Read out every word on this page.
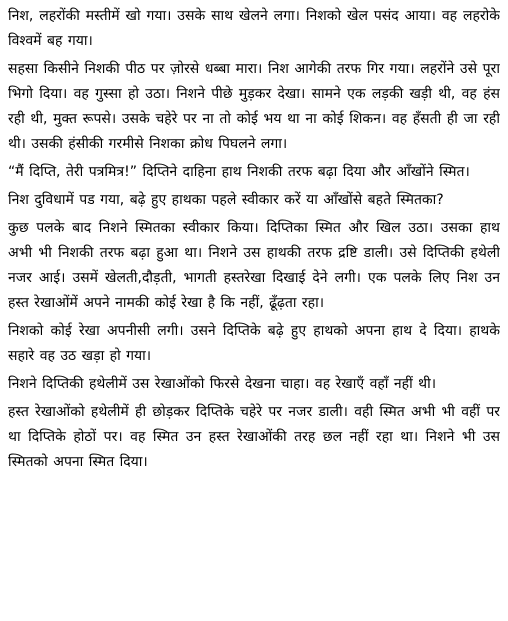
निश, लहरोंकी मस्तीमें खो गया। उसके साथ खेलने लगा। निशको खेल पसंद आया। वह लहरोके विश्वमें बह गया।

सहसा किसीने निशकी पीठ पर ज़ोरसे धब्बा मारा। निश आगेकी तरफ गिर गया। लहरोंने उसे पूरा भिगो दिया। वह गुस्सा हो उठा। निशने पीछे मुड़कर देखा। सामने एक लड़की खड़ी थी, वह हंस रही थी, मुक्त रूपसे। उसके चहेरे पर ना तो कोई भय था ना कोई शिकन। वह हँसती ही जा रही थी। उसकी हंसीकी गरमीसे निशका क्रोध पिघलने लगा।

“मैं दिप्ति, तेरी पत्रमित्र!” दिप्तिने दाहिना हाथ निशकी तरफ बढ़ा दिया और आँखोंने स्मित।

निश दुविधामें पड गया, बढ़े हुए हाथका पहले स्वीकार करें या आँखोंसे बहते स्मितका?

कुछ पलके बाद निशने स्मितका स्वीकार किया। दिप्तिका स्मित और खिल उठा। उसका हाथ अभी भी निशकी तरफ बढ़ा हुआ था। निशने उस हाथकी तरफ द्रष्टि डाली। उसे दिप्तिकी हथेली नजर आई। उसमें खेलती,दौड़ती, भागती हस्तरेखा दिखाई देने लगी। एक पलके लिए निश उन हस्त रेखाओंमें अपने नामकी कोई रेखा है कि नहीं, ढूँढ़ता रहा।

निशको कोई रेखा अपनीसी लगी। उसने दिप्तिके बढ़े हुए हाथको अपना हाथ दे दिया। हाथके सहारे वह उठ खड़ा हो गया।

निशने दिप्तिकी हथेलीमें उस रेखाओंको फिरसे देखना चाहा। वह रेखाएँ वहाँ नहीं थी।

हस्त रेखाओंको हथेलीमें ही छोड़कर दिप्तिके चहेरे पर नजर डाली। वही स्मित अभी भी वहीं पर था दिप्तिके होठों पर। वह स्मित उन हस्त रेखाओंकी तरह छल नहीं रहा था। निशने भी उस स्मितको अपना स्मित दिया।
